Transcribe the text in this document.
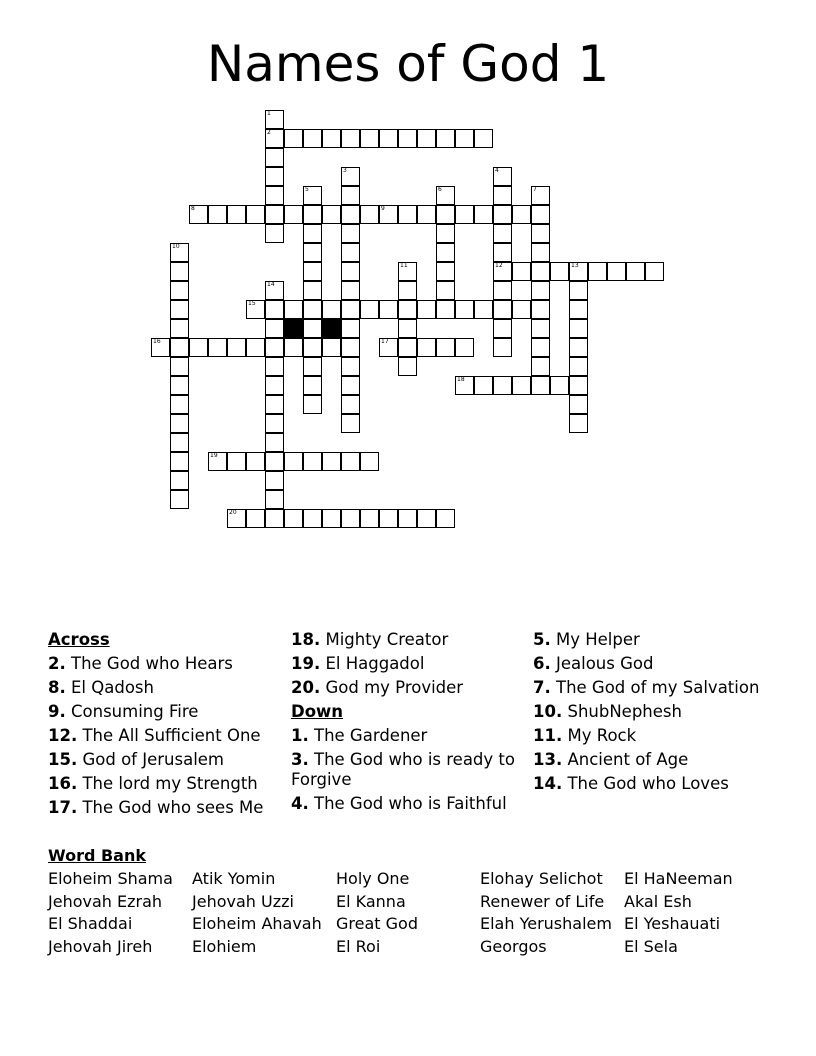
Names of God 1
1
2
3	4
12
5	6	7
8	9
10
11	13
14
15
16	17
18
19
20
Across
2. The God who Hears
8. El Qadosh
9. Consuming Fire
12. The All Sufficient One
15. God of Jerusalem
16. The lord my Strength
17. The God who sees Me
18. Mighty Creator
19. El Haggadol
20. God my Provider
Down
1. The Gardener
3. The God who is ready to Forgive
4. The God who is Faithful
5. My Helper
6. Jealous God
7. The God of my Salvation
10. ShubNephesh
11. My Rock
13. Ancient of Age
14. The God who Loves
Word Bank
Eloheim Shama
Jehovah Ezrah
El Shaddai
Jehovah Jireh
Atik Yomin
Jehovah Uzzi
Eloheim Ahavah
Elohiem
Holy One
El Kanna
Great God
El Roi
Elohay Selichot
Renewer of Life
Elah Yerushalem
Georgos
El HaNeeman
Akal Esh
El Yeshauati
El Sela
